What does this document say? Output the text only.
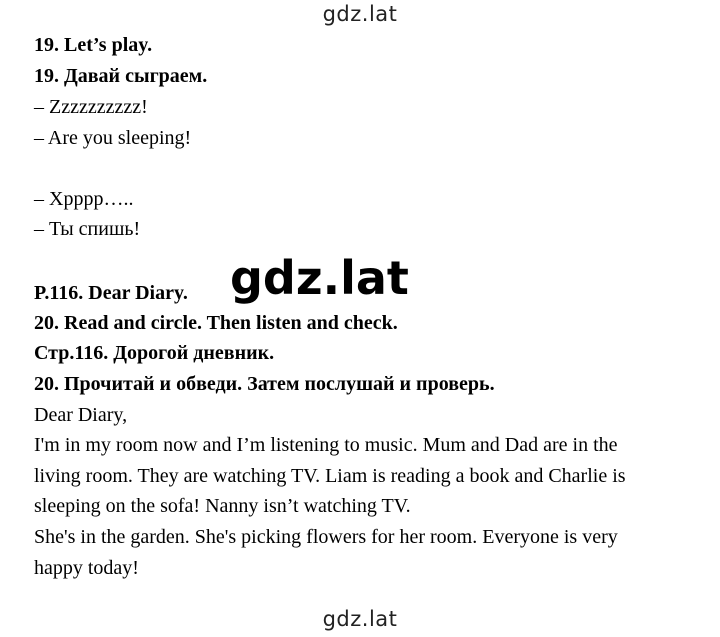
gdz.lat
19. Let’s play.
19. Давай сыграем.
– Zzzzzzzzzz!
– Are you sleeping!
– Хрррр…..
– Ты спишь!
gdz.lat
P.116. Dear Diary.
20. Read and circle. Then listen and check.
Стр.116. Дорогой дневник.
20. Прочитай и обведи. Затем послушай и проверь.
Dear Diary,
I'm in my room now and I’m listening to music. Mum and Dad are in the
living room. They are watching TV. Liam is reading a book and Charlie is
sleeping on the sofa! Nanny isn’t watching TV.
She's in the garden. She's picking flowers for her room. Everyone is very
happy today!
gdz.lat
